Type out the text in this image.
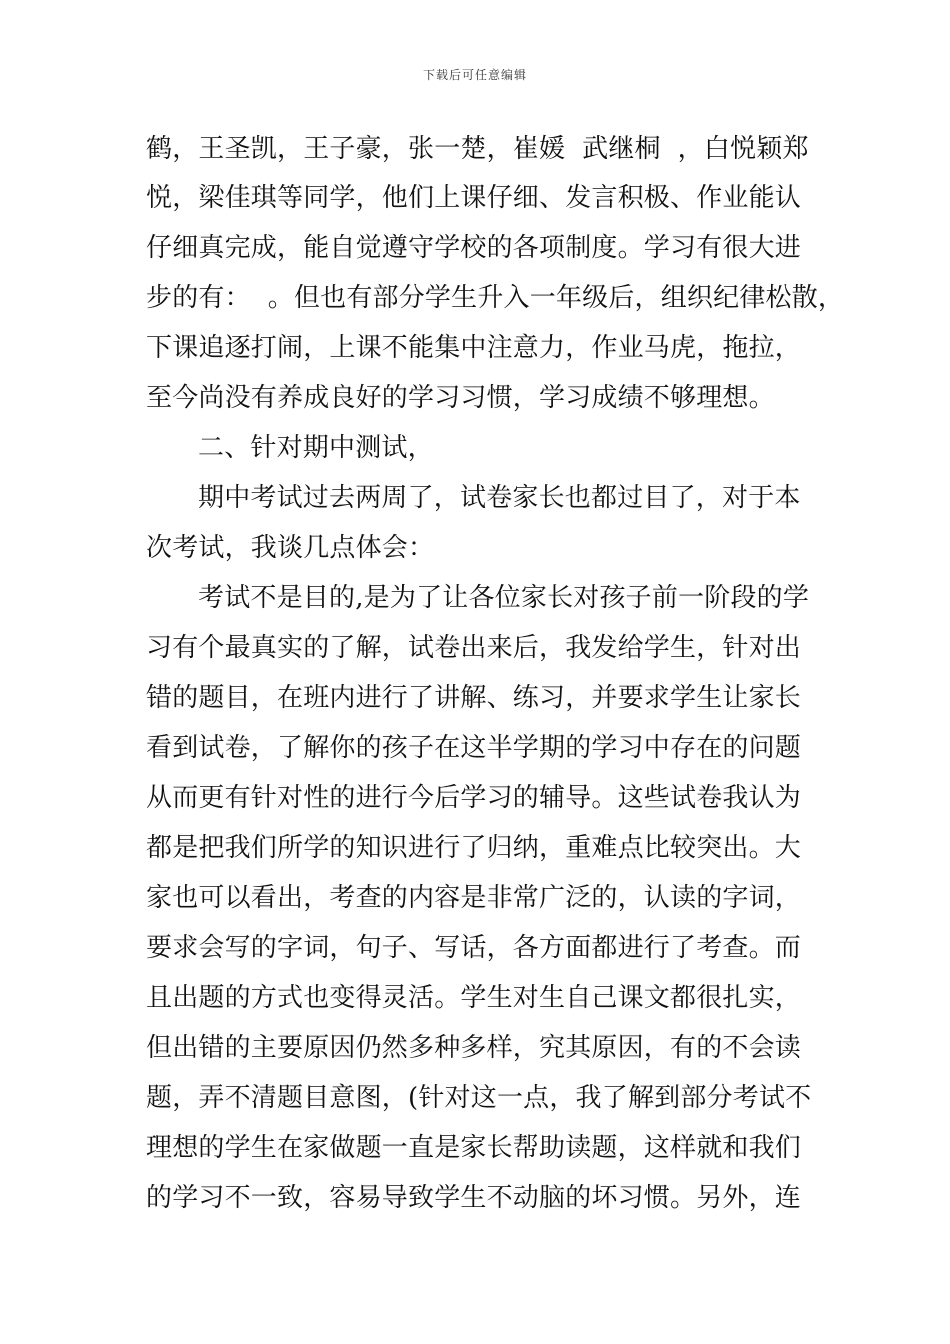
下载后可任意编辑
鹤，王圣凯，王子豪，张一楚，崔媛  武继桐  ，白悦颖郑
悦，梁佳琪等同学，他们上课仔细、发言积极、作业能认
仔细真完成，能自觉遵守学校的各项制度。学习有很大进
步的有：  。但也有部分学生升入一年级后，组织纪律松散，
下课追逐打闹，上课不能集中注意力，作业马虎，拖拉，
至今尚没有养成良好的学习习惯，学习成绩不够理想。
二、针对期中测试，
期中考试过去两周了，试卷家长也都过目了，对于本
次考试，我谈几点体会：
考试不是目的,是为了让各位家长对孩子前一阶段的学
习有个最真实的了解，试卷出来后，我发给学生，针对出
错的题目，在班内进行了讲解、练习，并要求学生让家长
看到试卷，了解你的孩子在这半学期的学习中存在的问题
从而更有针对性的进行今后学习的辅导。这些试卷我认为
都是把我们所学的知识进行了归纳，重难点比较突出。大
家也可以看出，考查的内容是非常广泛的，认读的字词，
要求会写的字词，句子、写话，各方面都进行了考查。而
且出题的方式也变得灵活。学生对生自己课文都很扎实，
但出错的主要原因仍然多种多样，究其原因，有的不会读
题，弄不清题目意图，(针对这一点，我了解到部分考试不
理想的学生在家做题一直是家长帮助读题，这样就和我们
的学习不一致，容易导致学生不动脑的坏习惯。另外，连
